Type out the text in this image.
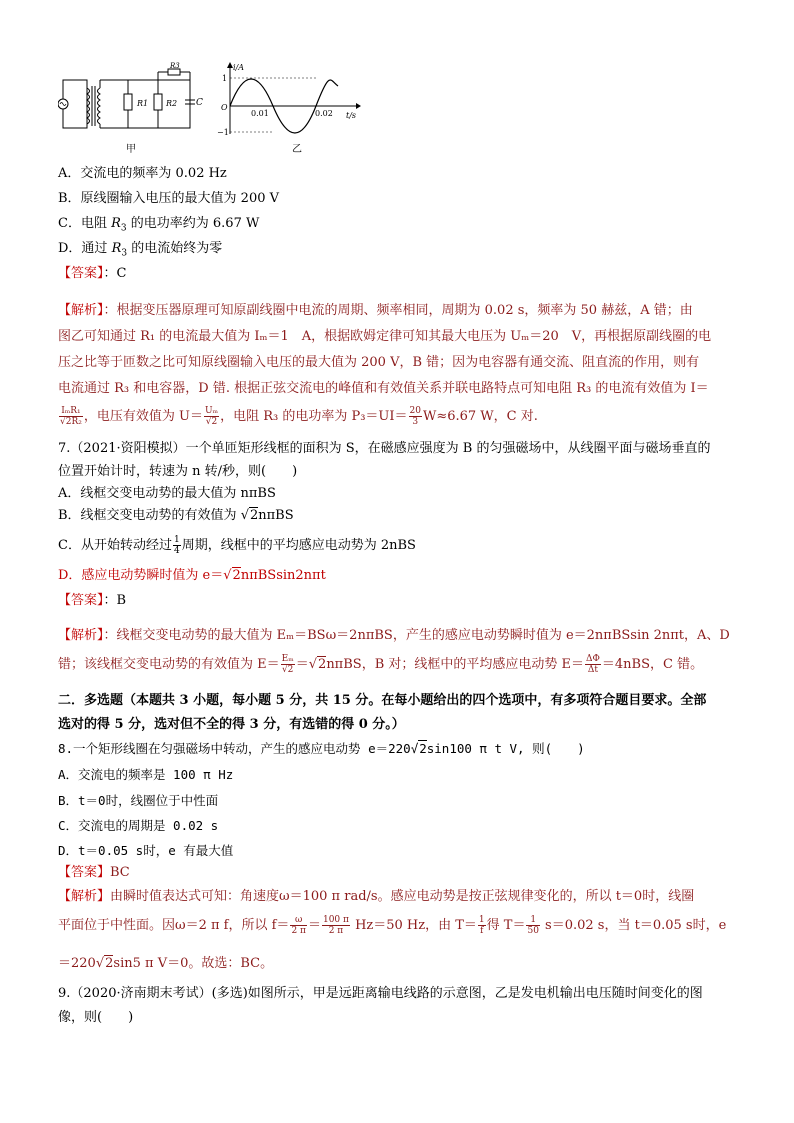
R1 R2
R3
C
甲
i/A
t/s
O
1
−1
0.01	0.02
乙
A．交流电的频率为 0.02 Hz
B．原线圈输入电压的最大值为 200 V
C．电阻 $R_3$ 的电功率约为 6.67 W
D．通过 $R_3$ 的电流始终为零
【答案】：C
【解析】：根据变压器原理可知原副线圈中电流的周期、频率相同，周期为 0.02 s，频率为 50 赫兹，A 错；由
图乙可知通过 R₁ 的电流最大值为 Iₘ＝1　A，根据欧姆定律可知其最大电压为 Uₘ＝20　V，再根据原副线圈的电
压之比等于匝数之比可知原线圈输入电压的最大值为 200 V，B 错；因为电容器有通交流、阻直流的作用，则有
电流通过 R₃ 和电容器，D 错. 根据正弦交流电的峰值和有效值关系并联电路特点可知电阻 R₃ 的电流有效值为 I＝
$\frac{\text{IₘR₁}}{\text{√2R₂}}$ ，电压有效值为 $U= \frac{\text{Uₘ}}{√2}$ ，电阻 R₃ 的电功率为 $P_3=UI= \frac{20}{3} W\approx 6.67$ W，C 对.
7.（2021·资阳模拟）一个单匝矩形线框的面积为 S，在磁感应强度为 B 的匀强磁场中，从线圈平面与磁场垂直的
位置开始计时，转速为 n 转/秒，则(　　)
A．线框交变电动势的最大值为 nπBS
B．线框交变电动势的有效值为 √2nπBS
C．从开始转动经过 $\frac{1}{4}$ 周期，线框中的平均感应电动势为 2nBS
D．感应电动势瞬时值为 e＝√2nπBSsin2nπt
【答案】：B
【解析】：线框交变电动势的最大值为 Eₘ＝BSω＝2nπBS，产生的感应电动势瞬时值为 e＝2nπBSsin 2nπt，A、D
错；该线框交变电动势的有效值为 $E= \frac{\text{Eₘ}}{√2} =√2n\pi BS$，B 对；线框中的平均感应电动势 $E= \frac{\Delta\Phi}{\Delta t} =4nBS$，C 错。
二．多选题（本题共 3 小题，每小题 5 分，共 15 分。在每小题给出的四个选项中，有多项符合题目要求。全部
选对的得 5 分，选对但不全的得 3 分，有选错的得 0 分。）
8.一个矩形线圈在匀强磁场中转动，产生的感应电动势 e＝220√2sin100 π t V, 则(　　)
A．交流电的频率是 100 π Hz
B．t＝0时，线圈位于中性面
C．交流电的周期是 0.02 s
D．t＝0.05 s时，e 有最大值
【答案】BC
【解析】由瞬时值表达式可知：角速度ω＝100 π rad/s。感应电动势是按正弦规律变化的，所以 t＝0时，线圈
平面位于中性面。因ω＝2 π f，所以 $f= \frac{\omega}{2 \pi} = \frac{100 \pi}{2 \pi} Hz=50$ Hz，由 $T= \frac{1}{f}$ 得 $T= \frac{1}{50} s=0.02$ s，当 t＝0.05 s时，e
＝220√2sin5 π V＝0。故选：BC。
9.（2020·济南期末考试）(多选)如图所示，甲是远距离输电线路的示意图，乙是发电机输出电压随时间变化的图
像，则(　　)
